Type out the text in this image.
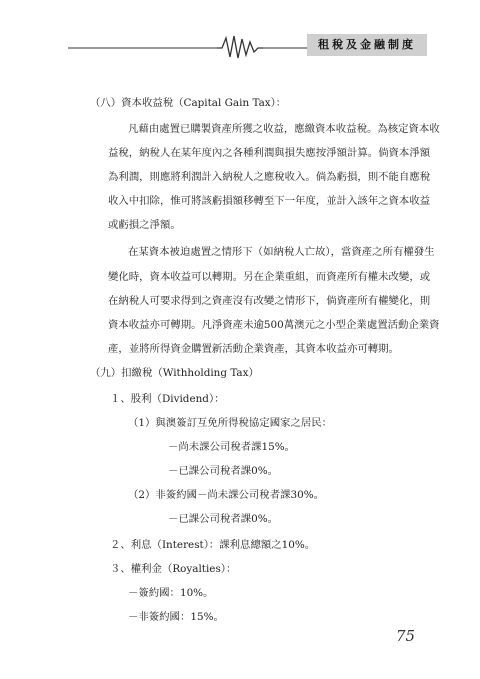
租稅及金融制度
（八）資本收益稅（Capital Gain Tax）：
凡藉由處置已購製資產所獲之收益，應繳資本收益稅。為核定資本收
益稅，納稅人在某年度內之各種利潤與損失應按淨額計算。倘資本淨額
為利潤，則應將利潤計入納稅人之應稅收入。倘為虧損，則不能自應稅
收入中扣除，惟可將該虧損額移轉至下一年度，並計入該年之資本收益
或虧損之淨額。
在某資本被迫處置之情形下（如納稅人亡故），當資產之所有權發生
變化時，資本收益可以轉期。另在企業重組，而資產所有權未改變，或
在納稅人可要求得到之資產沒有改變之情形下，倘資產所有權變化，則
資本收益亦可轉期。凡淨資產未逾500萬澳元之小型企業處置活動企業資
產，並將所得資金購置新活動企業資產，其資本收益亦可轉期。
（九）扣繳稅（Withholding Tax）
１、股利（Dividend）：
（1）與澳簽訂互免所得稅協定國家之居民：
－尚未課公司稅者課15%。
－已課公司稅者課0%。
（2）非簽約國－尚未課公司稅者課30%。
－已課公司稅者課0%。
２、利息（Interest）：課利息總額之10%。
３、權利金（Royalties）：
－簽約國：10%。
－非簽約國：15%。
75
